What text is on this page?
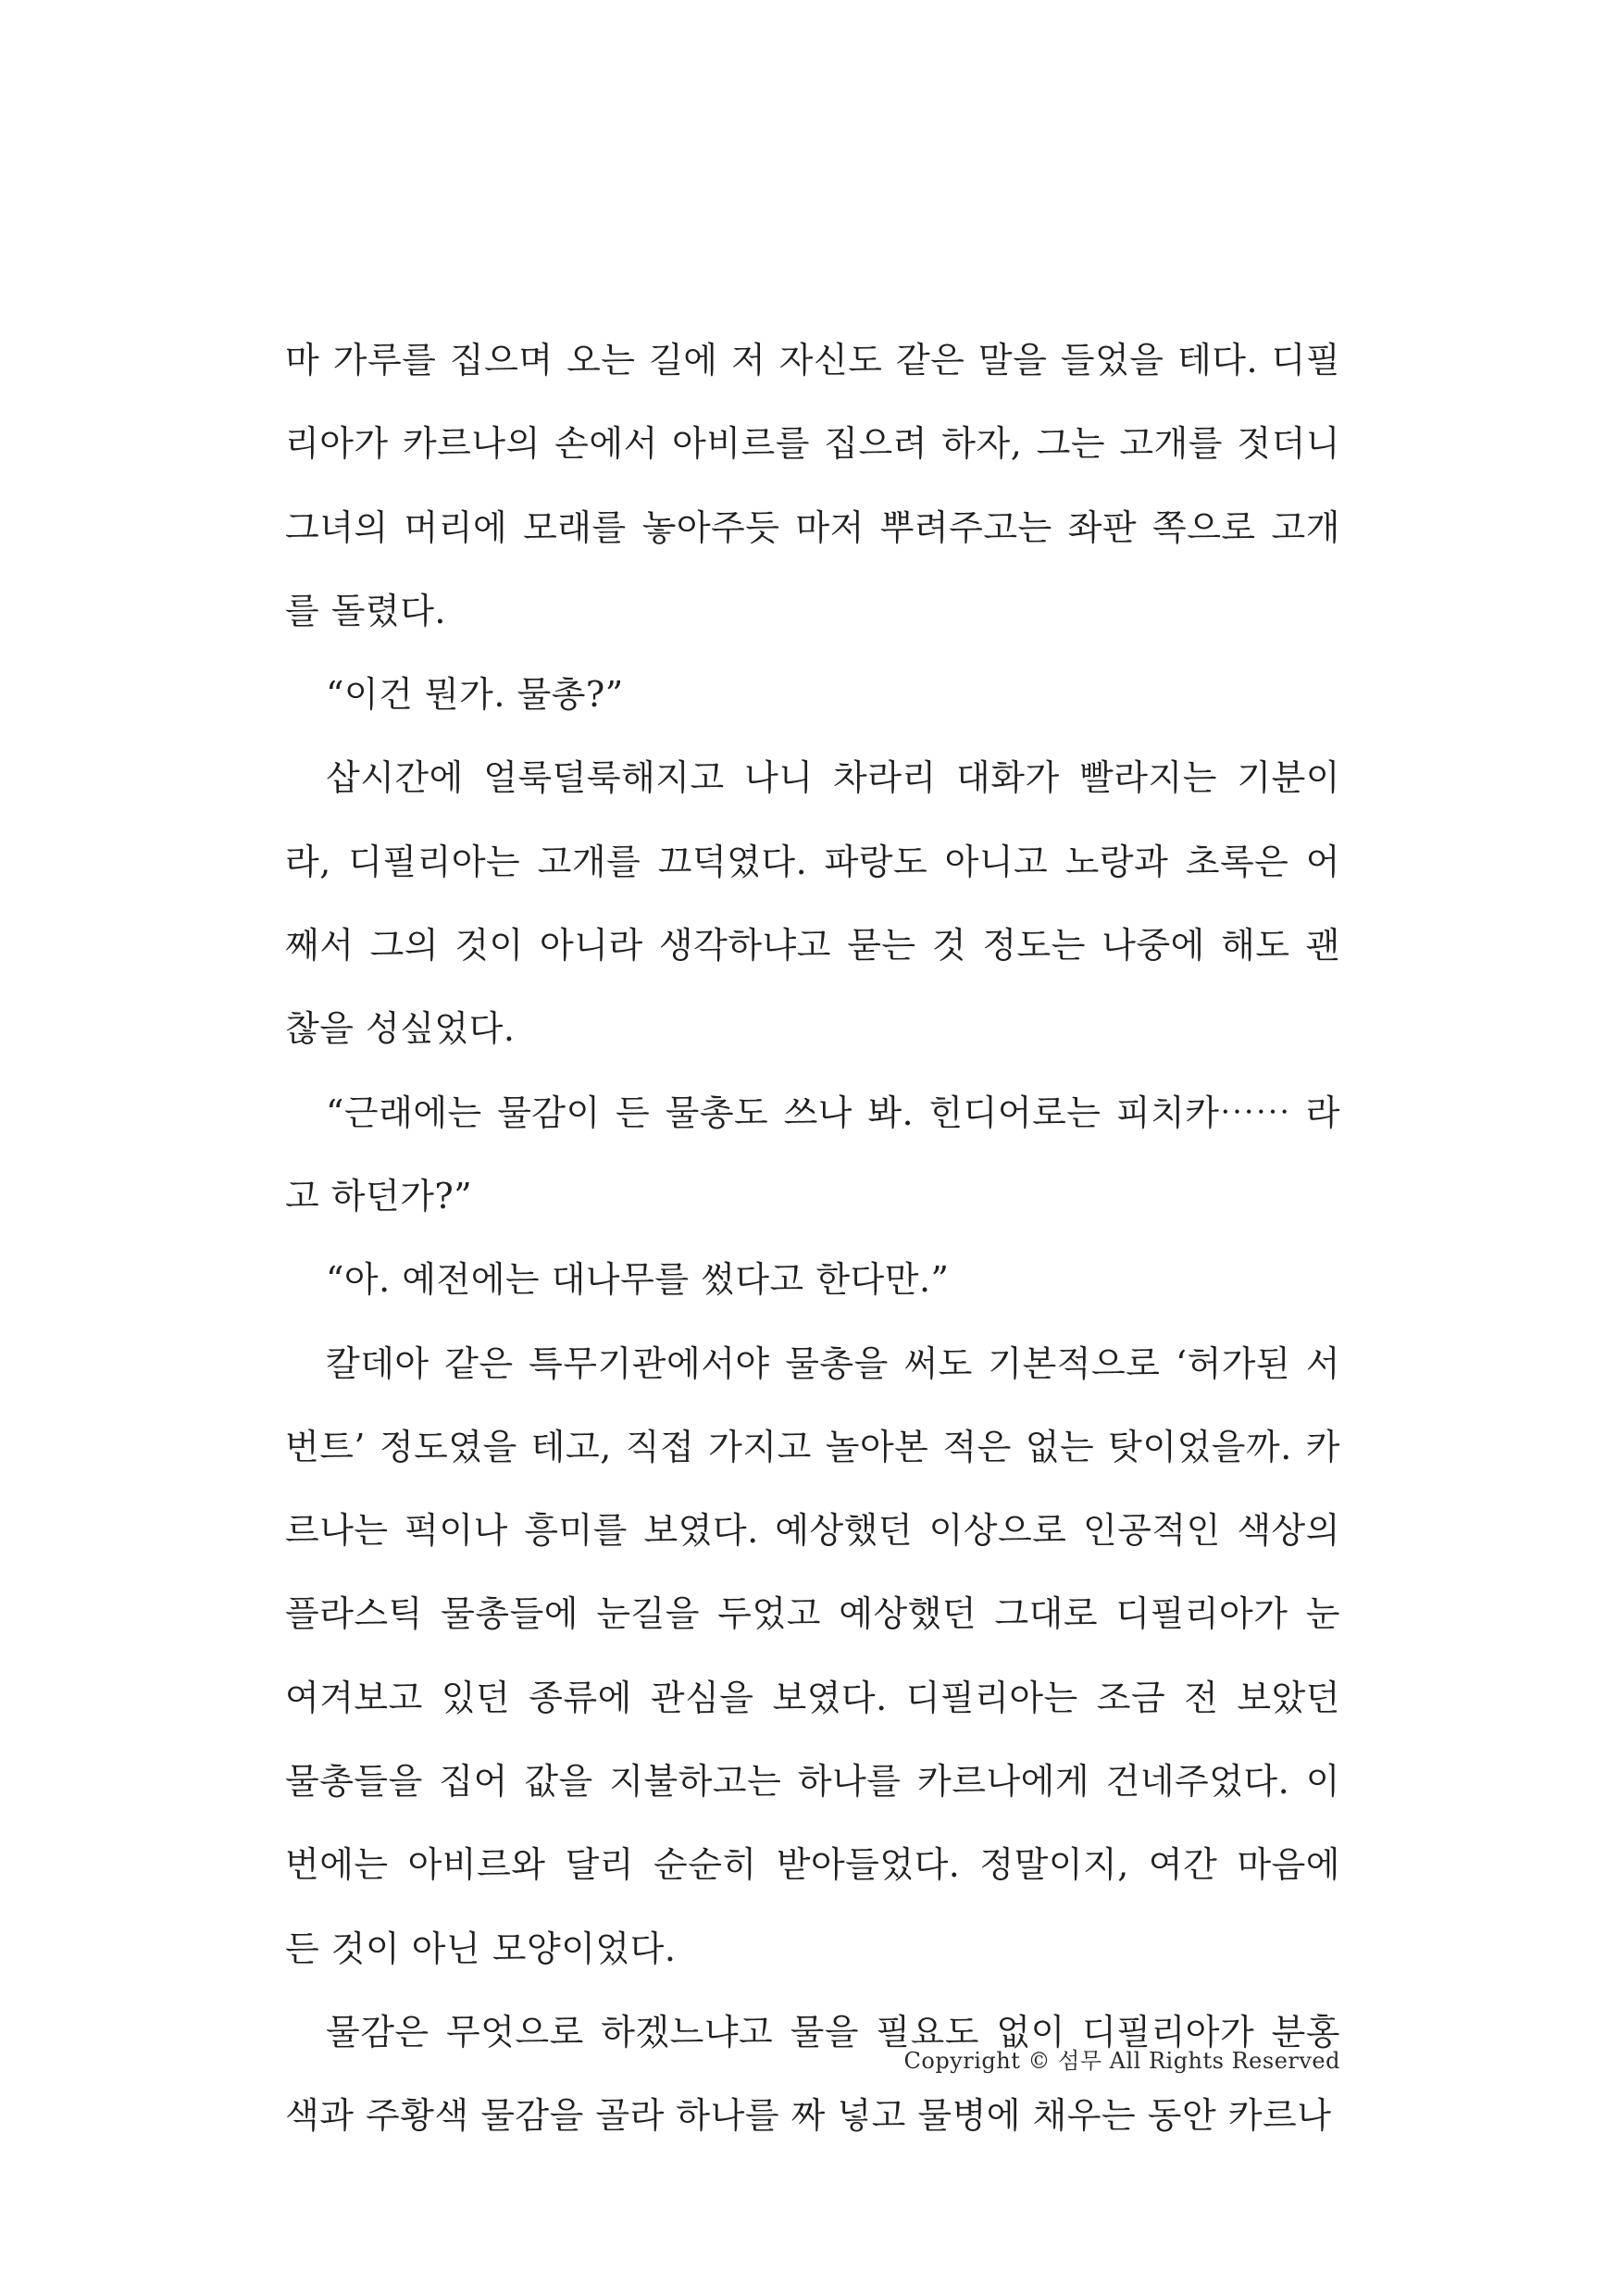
마 가루를 집으며 오는 길에 저 자신도 같은 말을 들었을 테다. 디필
리아가 카르나의 손에서 아비르를 집으려 하자, 그는 고개를 젓더니
그녀의 머리에 모래를 놓아주듯 마저 뿌려주고는 좌판 쪽으로 고개
를 돌렸다.
“이건 뭔가. 물총?”
삽시간에 얼룩덜룩해지고 나니 차라리 대화가 빨라지는 기분이
라, 디필리아는 고개를 끄덕였다. 파랑도 아니고 노랑과 초록은 어
째서 그의 것이 아니라 생각하냐고 묻는 것 정도는 나중에 해도 괜
찮을 성싶었다.
“근래에는 물감이 든 물총도 쓰나 봐. 힌디어로는 피치카⋯⋯ 라
고 하던가?”
“아. 예전에는 대나무를 썼다고 한다만.”
칼데아 같은 특무기관에서야 물총을 써도 기본적으로 ‘허가된 서
번트’ 정도였을 테고, 직접 가지고 놀아본 적은 없는 탓이었을까. 카
르나는 퍽이나 흥미를 보였다. 예상했던 이상으로 인공적인 색상의
플라스틱 물총들에 눈길을 두었고 예상했던 그대로 디필리아가 눈
여겨보고 있던 종류에 관심을 보였다. 디필리아는 조금 전 보았던
물총들을 집어 값을 지불하고는 하나를 카르나에게 건네주었다. 이
번에는 아비르와 달리 순순히 받아들었다. 정말이지, 여간 마음에
든 것이 아닌 모양이었다.
물감은 무엇으로 하겠느냐고 물을 필요도 없이 디필리아가 분홍
색과 주황색 물감을 골라 하나를 짜 넣고 물병에 채우는 동안 카르나
Copyright © 섬무 All Rights Reserved
